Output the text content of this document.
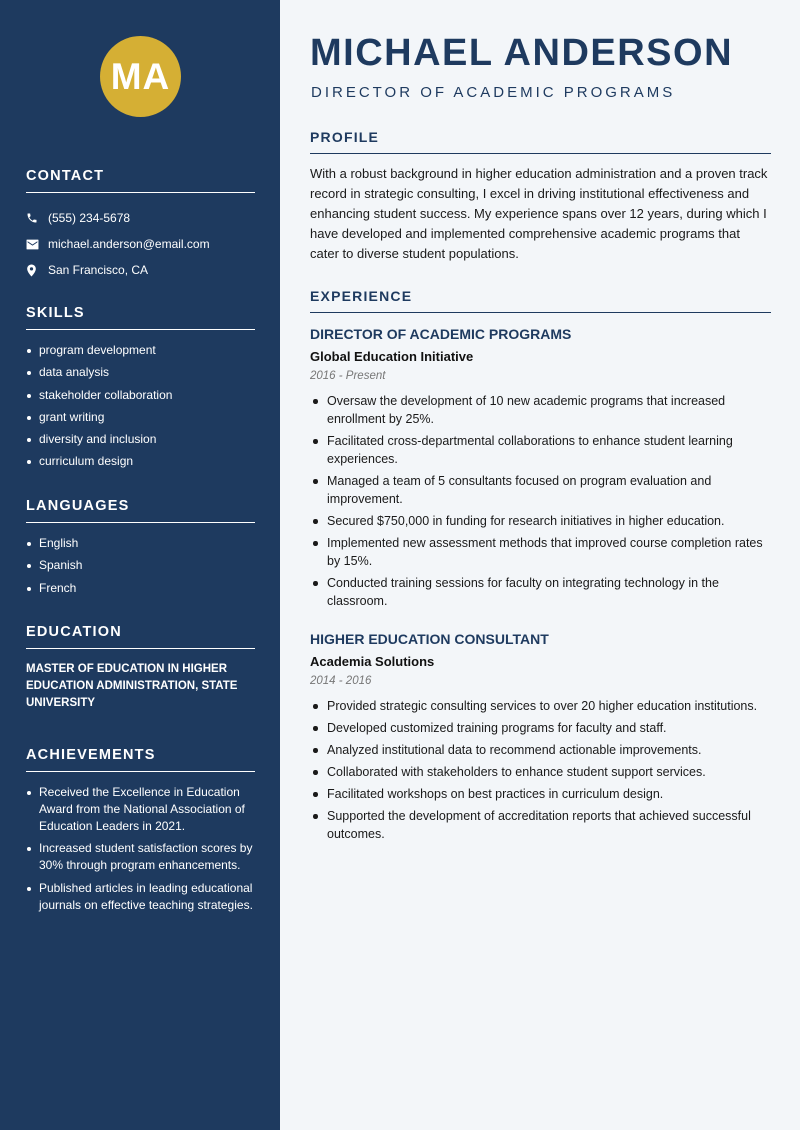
MA
CONTACT
(555) 234-5678
michael.anderson@email.com
San Francisco, CA
SKILLS
program development
data analysis
stakeholder collaboration
grant writing
diversity and inclusion
curriculum design
LANGUAGES
English
Spanish
French
EDUCATION
MASTER OF EDUCATION IN HIGHER EDUCATION ADMINISTRATION, STATE UNIVERSITY
ACHIEVEMENTS
Received the Excellence in Education Award from the National Association of Education Leaders in 2021.
Increased student satisfaction scores by 30% through program enhancements.
Published articles in leading educational journals on effective teaching strategies.
MICHAEL ANDERSON
DIRECTOR OF ACADEMIC PROGRAMS
PROFILE
With a robust background in higher education administration and a proven track record in strategic consulting, I excel in driving institutional effectiveness and enhancing student success. My experience spans over 12 years, during which I have developed and implemented comprehensive academic programs that cater to diverse student populations.
EXPERIENCE
DIRECTOR OF ACADEMIC PROGRAMS
Global Education Initiative
2016 - Present
Oversaw the development of 10 new academic programs that increased enrollment by 25%.
Facilitated cross-departmental collaborations to enhance student learning experiences.
Managed a team of 5 consultants focused on program evaluation and improvement.
Secured $750,000 in funding for research initiatives in higher education.
Implemented new assessment methods that improved course completion rates by 15%.
Conducted training sessions for faculty on integrating technology in the classroom.
HIGHER EDUCATION CONSULTANT
Academia Solutions
2014 - 2016
Provided strategic consulting services to over 20 higher education institutions.
Developed customized training programs for faculty and staff.
Analyzed institutional data to recommend actionable improvements.
Collaborated with stakeholders to enhance student support services.
Facilitated workshops on best practices in curriculum design.
Supported the development of accreditation reports that achieved successful outcomes.
